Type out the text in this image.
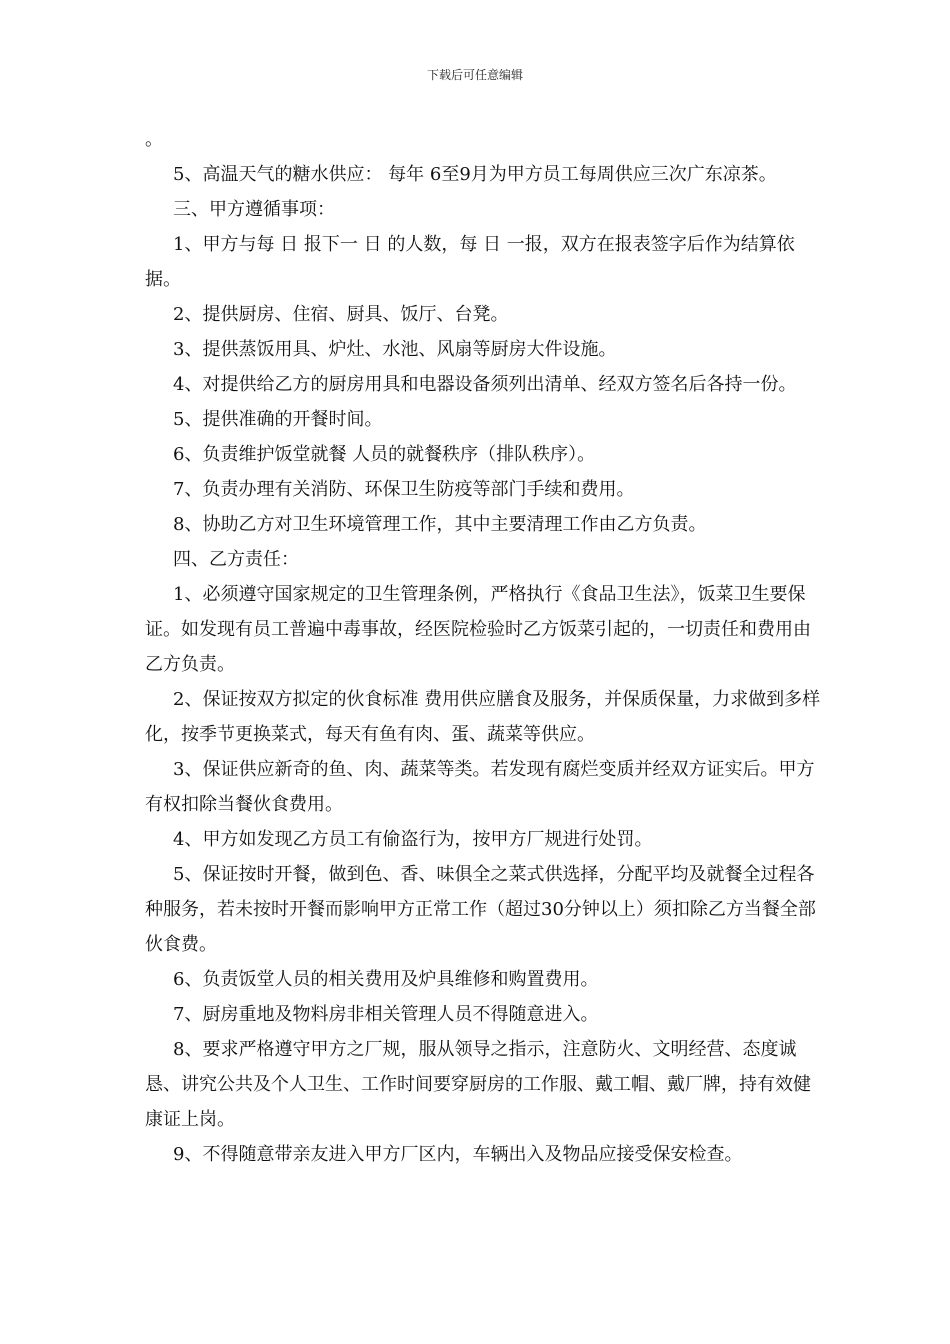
下载后可任意编辑

。

5、高温天气的糖水供应： 每年 6至9月为甲方员工每周供应三次广东凉茶。

三、甲方遵循事项：

1、甲方与每 日 报下一 日 的人数，每 日 一报，双方在报表签字后作为结算依据。

2、提供厨房、住宿、厨具、饭厅、台凳。

3、提供蒸饭用具、炉灶、水池、风扇等厨房大件设施。

4、对提供给乙方的厨房用具和电器设备须列出清单、经双方签名后各持一份。

5、提供准确的开餐时间。

6、负责维护饭堂就餐 人员的就餐秩序（排队秩序）。

7、负责办理有关消防、环保卫生防疫等部门手续和费用。

8、协助乙方对卫生环境管理工作，其中主要清理工作由乙方负责。

四、乙方责任：

1、必须遵守国家规定的卫生管理条例，严格执行《食品卫生法》，饭菜卫生要保证。如发现有员工普遍中毒事故，经医院检验时乙方饭菜引起的，一切责任和费用由乙方负责。

2、保证按双方拟定的伙食标准 费用供应膳食及服务，并保质保量，力求做到多样化，按季节更换菜式，每天有鱼有肉、蛋、蔬菜等供应。

3、保证供应新奇的鱼、肉、蔬菜等类。若发现有腐烂变质并经双方证实后。甲方有权扣除当餐伙食费用。

4、甲方如发现乙方员工有偷盗行为，按甲方厂规进行处罚。

5、保证按时开餐，做到色、香、味俱全之菜式供选择，分配平均及就餐全过程各种服务，若未按时开餐而影响甲方正常工作（超过30分钟以上）须扣除乙方当餐全部伙食费。

6、负责饭堂人员的相关费用及炉具维修和购置费用。

7、厨房重地及物料房非相关管理人员不得随意进入。

8、要求严格遵守甲方之厂规，服从领导之指示，注意防火、文明经营、态度诚恳、讲究公共及个人卫生、工作时间要穿厨房的工作服、戴工帽、戴厂牌，持有效健康证上岗。

9、不得随意带亲友进入甲方厂区内，车辆出入及物品应接受保安检查。
